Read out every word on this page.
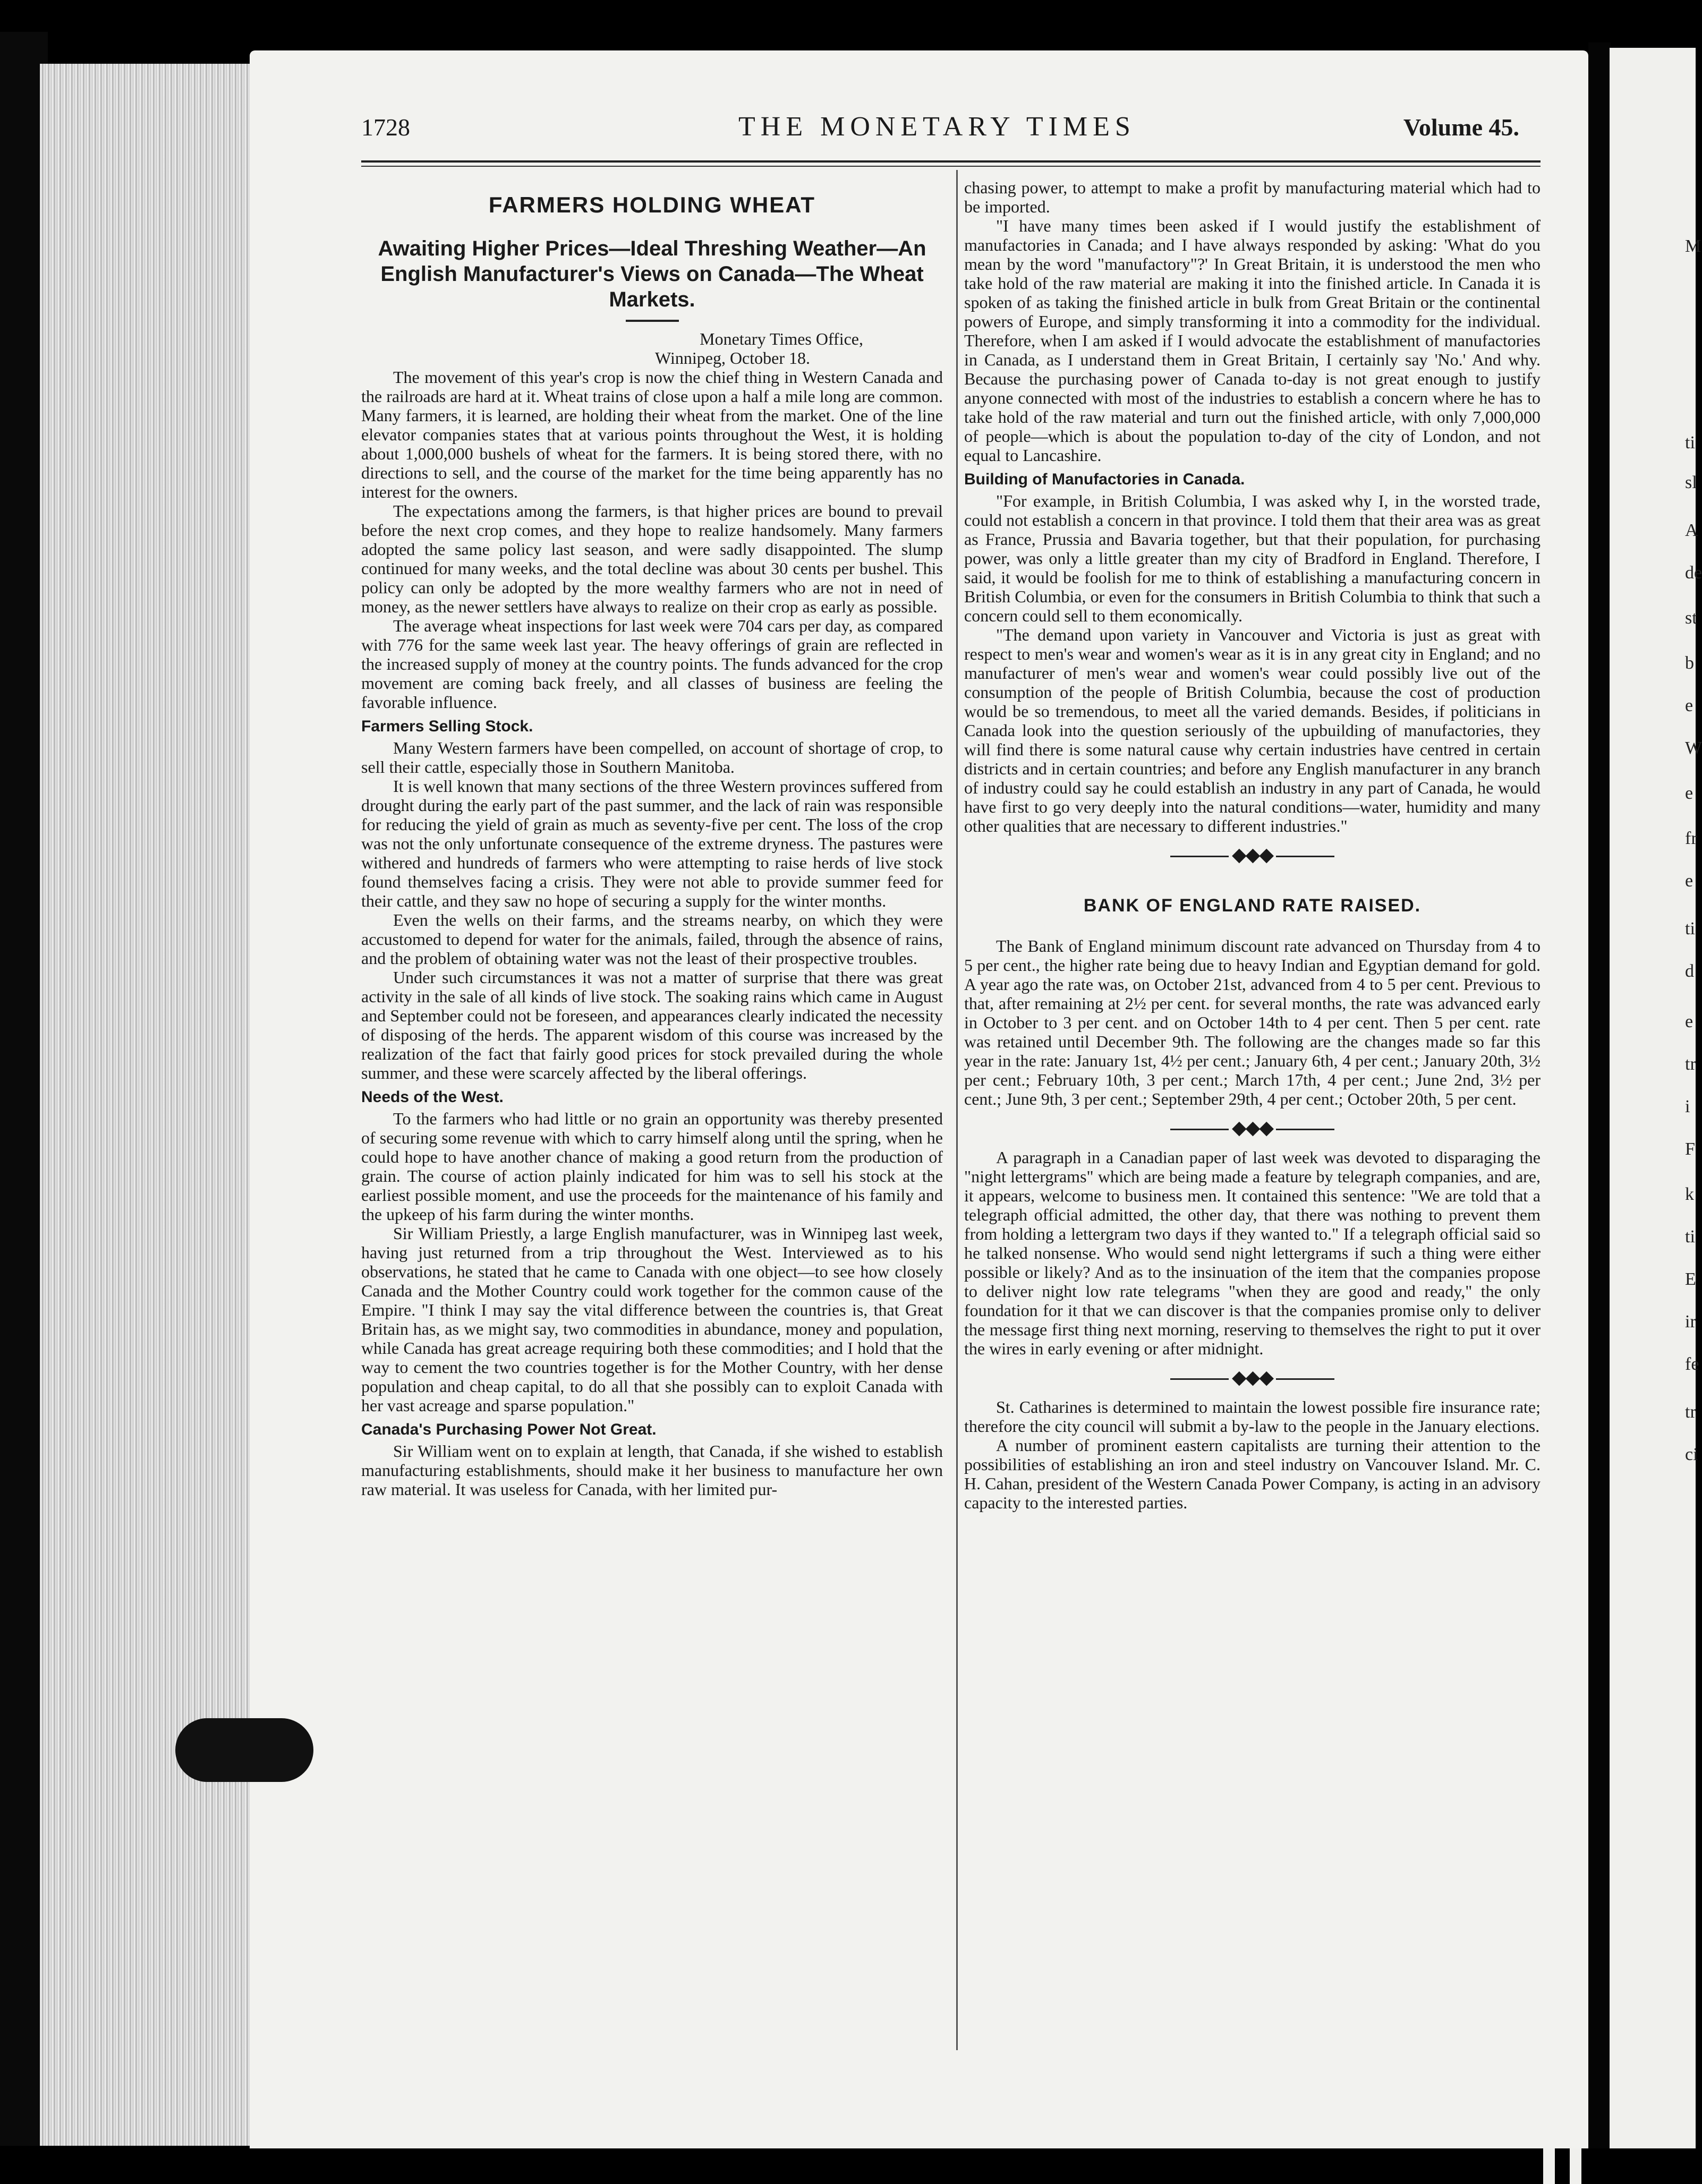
1728	THE MONETARY TIMES	Volume 45.
FARMERS HOLDING WHEAT
Awaiting Higher Prices—Ideal Threshing Weather—An English Manufacturer's Views on Canada—The Wheat Markets.

Monetary Times Office,

Winnipeg, October 18.

The movement of this year's crop is now the chief thing in Western Canada and the railroads are hard at it. Wheat trains of close upon a half a mile long are common. Many farmers, it is learned, are holding their wheat from the market. One of the line elevator companies states that at various points throughout the West, it is holding about 1,000,000 bushels of wheat for the farmers. It is being stored there, with no directions to sell, and the course of the market for the time being apparently has no interest for the owners.

The expectations among the farmers, is that higher prices are bound to prevail before the next crop comes, and they hope to realize handsomely. Many farmers adopted the same policy last season, and were sadly disappointed. The slump continued for many weeks, and the total decline was about 30 cents per bushel. This policy can only be adopted by the more wealthy farmers who are not in need of money, as the newer settlers have always to realize on their crop as early as possible.

The average wheat inspections for last week were 704 cars per day, as compared with 776 for the same week last year. The heavy offerings of grain are reflected in the increased supply of money at the country points. The funds advanced for the crop movement are coming back freely, and all classes of business are feeling the favorable influence.

Farmers Selling Stock.

Many Western farmers have been compelled, on account of shortage of crop, to sell their cattle, especially those in Southern Manitoba.

It is well known that many sections of the three Western provinces suffered from drought during the early part of the past summer, and the lack of rain was responsible for reducing the yield of grain as much as seventy-five per cent. The loss of the crop was not the only unfortunate consequence of the extreme dryness. The pastures were withered and hundreds of farmers who were attempting to raise herds of live stock found themselves facing a crisis. They were not able to provide summer feed for their cattle, and they saw no hope of securing a supply for the winter months.

Even the wells on their farms, and the streams nearby, on which they were accustomed to depend for water for the animals, failed, through the absence of rains, and the problem of obtaining water was not the least of their prospective troubles.

Under such circumstances it was not a matter of surprise that there was great activity in the sale of all kinds of live stock. The soaking rains which came in August and September could not be foreseen, and appearances clearly indicated the necessity of disposing of the herds. The apparent wisdom of this course was increased by the realization of the fact that fairly good prices for stock prevailed during the whole summer, and these were scarcely affected by the liberal offerings.

Needs of the West.

To the farmers who had little or no grain an opportunity was thereby presented of securing some revenue with which to carry himself along until the spring, when he could hope to have another chance of making a good return from the production of grain. The course of action plainly indicated for him was to sell his stock at the earliest possible moment, and use the proceeds for the maintenance of his family and the upkeep of his farm during the winter months.

Sir William Priestly, a large English manufacturer, was in Winnipeg last week, having just returned from a trip throughout the West. Interviewed as to his observations, he stated that he came to Canada with one object—to see how closely Canada and the Mother Country could work together for the common cause of the Empire. "I think I may say the vital difference between the countries is, that Great Britain has, as we might say, two commodities in abundance, money and population, while Canada has great acreage requiring both these commodities; and I hold that the way to cement the two countries together is for the Mother Country, with her dense population and cheap capital, to do all that she possibly can to exploit Canada with her vast acreage and sparse population."

Canada's Purchasing Power Not Great.

Sir William went on to explain at length, that Canada, if she wished to establish manufacturing establishments, should make it her business to manufacture her own raw material. It was useless for Canada, with her limited pur-

chasing power, to attempt to make a profit by manufacturing material which had to be imported.

"I have many times been asked if I would justify the establishment of manufactories in Canada; and I have always responded by asking: 'What do you mean by the word "manufactory"?' In Great Britain, it is understood the men who take hold of the raw material are making it into the finished article. In Canada it is spoken of as taking the finished article in bulk from Great Britain or the continental powers of Europe, and simply transforming it into a commodity for the individual. Therefore, when I am asked if I would advocate the establishment of manufactories in Canada, as I understand them in Great Britain, I certainly say 'No.' And why. Because the purchasing power of Canada to-day is not great enough to justify anyone connected with most of the industries to establish a concern where he has to take hold of the raw material and turn out the finished article, with only 7,000,000 of people—which is about the population to-day of the city of London, and not equal to Lancashire.

Building of Manufactories in Canada.

"For example, in British Columbia, I was asked why I, in the worsted trade, could not establish a concern in that province. I told them that their area was as great as France, Prussia and Bavaria together, but that their population, for purchasing power, was only a little greater than my city of Bradford in England. Therefore, I said, it would be foolish for me to think of establishing a manufacturing concern in British Columbia, or even for the consumers in British Columbia to think that such a concern could sell to them economically.

"The demand upon variety in Vancouver and Victoria is just as great with respect to men's wear and women's wear as it is in any great city in England; and no manufacturer of men's wear and women's wear could possibly live out of the consumption of the people of British Columbia, because the cost of production would be so tremendous, to meet all the varied demands. Besides, if politicians in Canada look into the question seriously of the upbuilding of manufactories, they will find there is some natural cause why certain industries have centred in certain districts and in certain countries; and before any English manufacturer in any branch of industry could say he could establish an industry in any part of Canada, he would have first to go very deeply into the natural conditions—water, humidity and many other qualities that are necessary to different industries."

◆◆◆
BANK OF ENGLAND RATE RAISED.

The Bank of England minimum discount rate advanced on Thursday from 4 to 5 per cent., the higher rate being due to heavy Indian and Egyptian demand for gold. A year ago the rate was, on October 21st, advanced from 4 to 5 per cent. Previous to that, after remaining at 2½ per cent. for several months, the rate was advanced early in October to 3 per cent. and on October 14th to 4 per cent. Then 5 per cent. rate was retained until December 9th. The following are the changes made so far this year in the rate: January 1st, 4½ per cent.; January 6th, 4 per cent.; January 20th, 3½ per cent.; February 10th, 3 per cent.; March 17th, 4 per cent.; June 2nd, 3½ per cent.; June 9th, 3 per cent.; September 29th, 4 per cent.; October 20th, 5 per cent.

◆◆◆

A paragraph in a Canadian paper of last week was devoted to disparaging the "night lettergrams" which are being made a feature by telegraph companies, and are, it appears, welcome to business men. It contained this sentence: "We are told that a telegraph official admitted, the other day, that there was nothing to prevent them from holding a lettergram two days if they wanted to." If a telegraph official said so he talked nonsense. Who would send night lettergrams if such a thing were either possible or likely? And as to the insinuation of the item that the companies propose to deliver night low rate telegrams "when they are good and ready," the only foundation for it that we can discover is that the companies promise only to deliver the message first thing next morning, reserving to themselves the right to put it over the wires in early evening or after midnight.

◆◆◆

St. Catharines is determined to maintain the lowest possible fire insurance rate; therefore the city council will submit a by-law to the people in the January elections.

A number of prominent eastern capitalists are turning their attention to the possibilities of establishing an iron and steel industry on Vancouver Island. Mr. C. H. Cahan, president of the Western Canada Power Company, is acting in an advisory capacity to the interested parties.

M
ti
sl
A
de
st
b
e
W
e
fr
e
ti
d
e
tr
i
F
k
ti
E
ir
fe
tr
ci
